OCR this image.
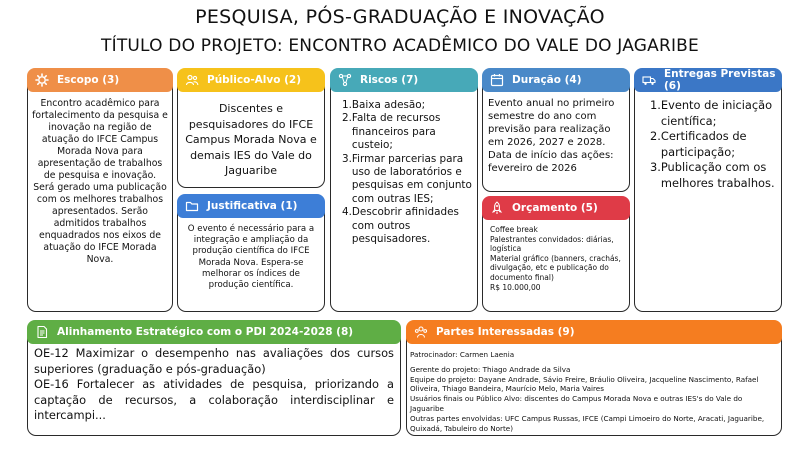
PESQUISA, PÓS-GRADUAÇÃO E INOVAÇÃO
TÍTULO DO PROJETO: ENCONTRO ACADÊMICO DO VALE DO JAGARIBE
Escopo (3)
Encontro acadêmico para fortalecimento da pesquisa e inovação na região de atuação do IFCE Campus Morada Nova para apresentação de trabalhos de pesquisa e inovação. Será gerado uma publicação com os melhores trabalhos apresentados. Serão admitidos trabalhos enquadrados nos eixos de atuação do IFCE Morada Nova.
Público-Alvo (2)
Discentes e pesquisadores do IFCE Campus Morada Nova e demais IES do Vale do Jaguaribe
Justificativa (1)
O evento é necessário para a integração e ampliação da produção científica do IFCE Morada Nova. Espera-se melhorar os índices de produção científica.
Riscos (7)
1. Baixa adesão;
2. Falta de recursos financeiros para custeio;
3. Firmar parcerias para uso de laboratórios e pesquisas em conjunto com outras IES;
4. Descobrir afinidades com outros pesquisadores.
Duração (4)
Evento anual no primeiro semestre do ano com previsão para realização em 2026, 2027 e 2028.
Data de início das ações: fevereiro de 2026
Orçamento (5)
Coffee break
Palestrantes convidados: diárias, logística
Material gráfico (banners, crachás, divulgação, etc e publicação do documento final)
R$ 10.000,00
Entregas Previstas (6)
1. Evento de iniciação científica;
2. Certificados de participação;
3. Publicação com os melhores trabalhos.
Alinhamento Estratégico com o PDI 2024-2028 (8)
OE-12 Maximizar o desempenho nas avaliações dos cursos superiores (graduação e pós-graduação)
OE-16 Fortalecer as atividades de pesquisa, priorizando a captação de recursos, a colaboração interdisciplinar e intercampi...
Partes Interessadas (9)

Patrocinador: Carmen Laenia

Gerente do projeto: Thiago Andrade da Silva

Equipe do projeto: Dayane Andrade, Sávio Freire, Bráulio Oliveira, Jacqueline Nascimento, Rafael Oliveira, Thiago Bandeira, Maurício Melo, Maria Vaires

Usuários finais ou Público Alvo: discentes do Campus Morada Nova e outras IES's do Vale do Jaguaribe

Outras partes envolvidas: UFC Campus Russas, IFCE (Campi Limoeiro do Norte, Aracati, Jaguaribe, Quixadá, Tabuleiro do Norte)
